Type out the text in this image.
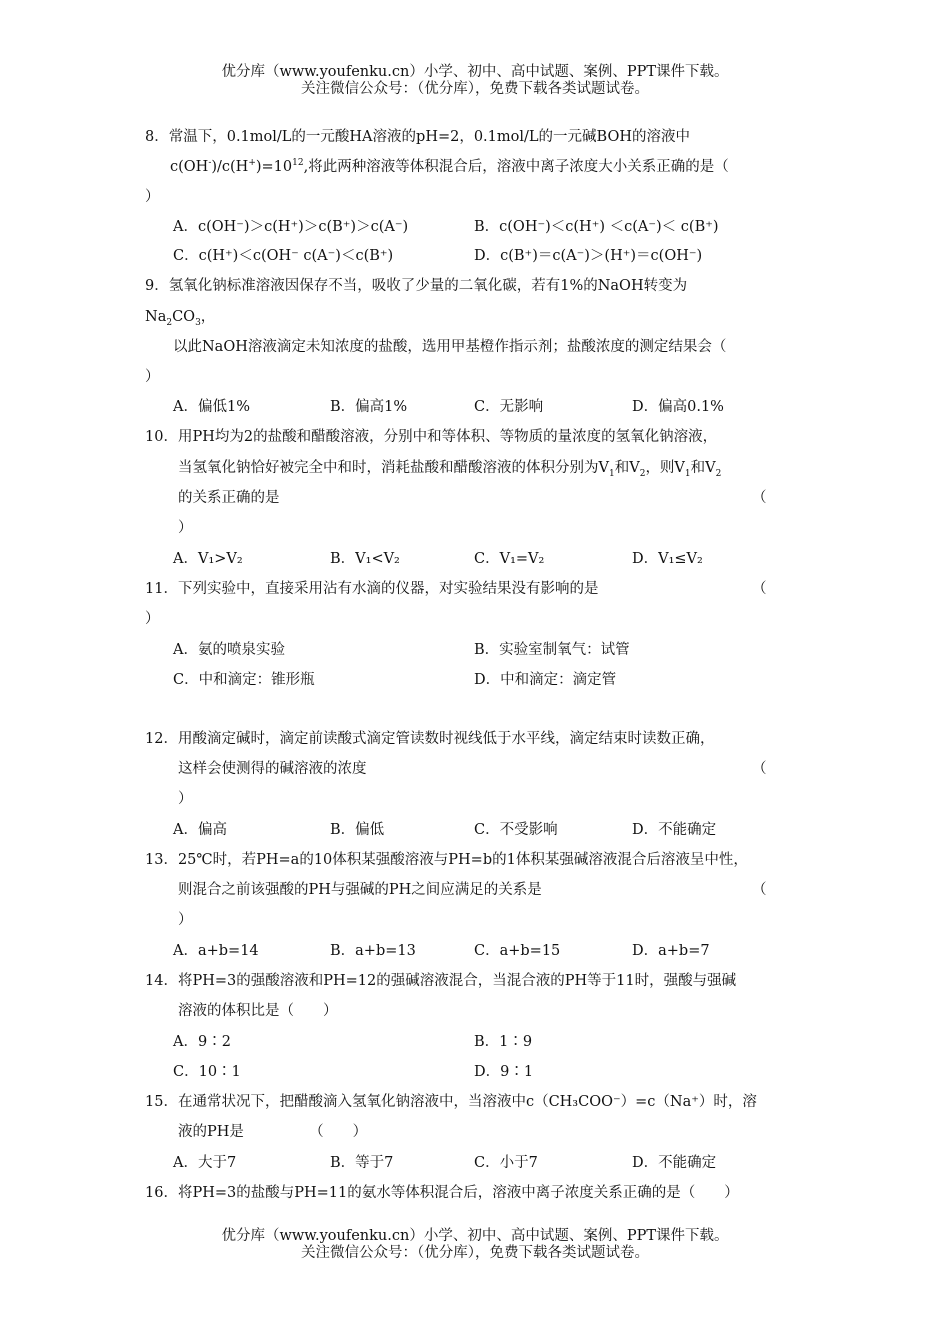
优分库（www.youfenku.cn）小学、初中、高中试题、案例、PPT课件下载。
关注微信公众号：（优分库），免费下载各类试题试卷。
8．常温下，0.1mol/L的一元酸HA溶液的pH=2，0.1mol/L的一元碱BOH的溶液中
$c(OH^-)/c(H^+)=10^{12}$,将此两种溶液等体积混合后，溶液中离子浓度大小关系正确的是（
）
A．c(OH⁻)＞c(H⁺)＞c(B⁺)＞c(A⁻)	B．c(OH⁻)＜c(H⁺) ＜c(A⁻)＜ c(B⁺)
C．c(H⁺)＜c(OH⁻ c(A⁻)＜c(B⁺)	D．c(B⁺)＝c(A⁻)＞(H⁺)＝c(OH⁻)
9．氢氧化钠标准溶液因保存不当，吸收了少量的二氧化碳，若有1%的NaOH转变为
$Na_2CO_3$，
以此NaOH溶液滴定未知浓度的盐酸，选用甲基橙作指示剂；盐酸浓度的测定结果会（
）
A．偏低1%	B．偏高1%	C．无影响	D．偏高0.1%
10．用PH均为2的盐酸和醋酸溶液，分别中和等体积、等物质的量浓度的氢氧化钠溶液，
当氢氧化钠恰好被完全中和时，消耗盐酸和醋酸溶液的体积分别为$V_1$和$V_2$，则$V_1$和$V_2$
的关系正确的是	（
）
A．V₁>V₂	B．V₁<V₂	C．V₁=V₂	D．V₁≤V₂
11．下列实验中，直接采用沾有水滴的仪器，对实验结果没有影响的是	（
）
A．氨的喷泉实验	B．实验室制氧气：试管
C．中和滴定：锥形瓶	D．中和滴定：滴定管
12．用酸滴定碱时，滴定前读酸式滴定管读数时视线低于水平线，滴定结束时读数正确，
这样会使测得的碱溶液的浓度	（
）
A．偏高	B．偏低	C．不受影响	D．不能确定
13．25℃时，若PH=a的10体积某强酸溶液与PH=b的1体积某强碱溶液混合后溶液呈中性，
则混合之前该强酸的PH与强碱的PH之间应满足的关系是	（
）
A．a+b=14	B．a+b=13	C．a+b=15	D．a+b=7
14．将PH=3的强酸溶液和PH=12的强碱溶液混合，当混合液的PH等于11时，强酸与强碱
溶液的体积比是（　　）
A．9∶2	B．1∶9
C．10∶1	D．9∶1
15．在通常状况下，把醋酸滴入氢氧化钠溶液中，当溶液中c（CH₃COO⁻）=c（Na⁺）时，溶
液的PH是　　　　　（　　）
A．大于7	B．等于7	C．小于7	D．不能确定
16．将PH=3的盐酸与PH=11的氨水等体积混合后，溶液中离子浓度关系正确的是（　　）
优分库（www.youfenku.cn）小学、初中、高中试题、案例、PPT课件下载。
关注微信公众号：（优分库），免费下载各类试题试卷。
